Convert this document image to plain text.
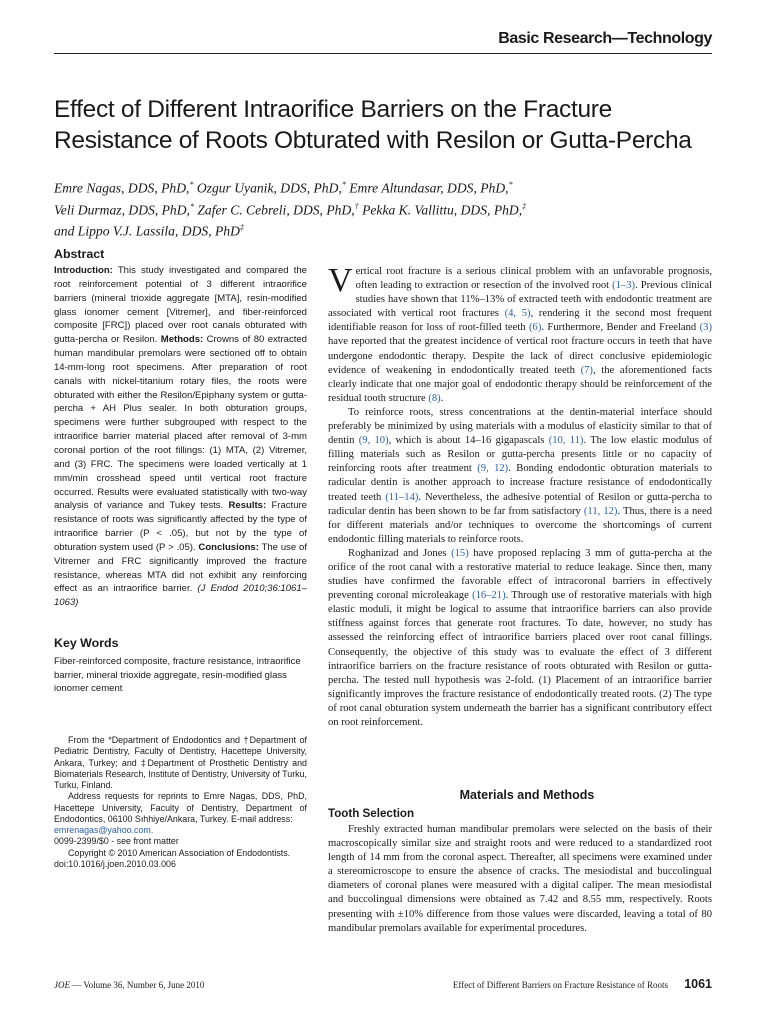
Basic Research—Technology
Effect of Different Intraorifice Barriers on the Fracture Resistance of Roots Obturated with Resilon or Gutta-Percha
Emre Nagas, DDS, PhD,* Ozgur Uyanik, DDS, PhD,* Emre Altundasar, DDS, PhD,*
Veli Durmaz, DDS, PhD,* Zafer C. Cebreli, DDS, PhD,† Pekka K. Vallittu, DDS, PhD,‡
and Lippo V.J. Lassila, DDS, PhD‡
Abstract
Introduction: This study investigated and compared the root reinforcement potential of 3 different intraorifice barriers (mineral trioxide aggregate [MTA], resin-modified glass ionomer cement [Vitremer], and fiber-reinforced composite [FRC]) placed over root canals obturated with gutta-percha or Resilon. Methods: Crowns of 80 extracted human mandibular premolars were sectioned off to obtain 14-mm-long root specimens. After preparation of root canals with nickel-titanium rotary files, the roots were obturated with either the Resilon/Epiphany system or gutta-percha + AH Plus sealer. In both obturation groups, specimens were further subgrouped with respect to the intraorifice barrier material placed after removal of 3-mm coronal portion of the root fillings: (1) MTA, (2) Vitremer, and (3) FRC. The specimens were loaded vertically at 1 mm/min crosshead speed until vertical root fracture occurred. Results were evaluated statistically with two-way analysis of variance and Tukey tests. Results: Fracture resistance of roots was significantly affected by the type of intraorifice barrier (P < .05), but not by the type of obturation system used (P > .05). Conclusions: The use of Vitremer and FRC significantly improved the fracture resistance, whereas MTA did not exhibit any reinforcing effect as an intraorifice barrier. (J Endod 2010;36:1061–1063)
Key Words
Fiber-reinforced composite, fracture resistance, intraorifice barrier, mineral trioxide aggregate, resin-modified glass ionomer cement

From the *Department of Endodontics and †Department of Pediatric Dentistry, Faculty of Dentistry, Hacettepe University, Ankara, Turkey; and ‡Department of Prosthetic Dentistry and Biomaterials Research, Institute of Dentistry, University of Turku, Turku, Finland.

Address requests for reprints to Emre Nagas, DDS, PhD, Hacettepe University, Faculty of Dentistry, Department of Endodontics, 06100 Sıhhiye/Ankara, Turkey. E-mail address:

emrenagas@yahoo.com.

0099-2399/$0 - see front matter

Copyright © 2010 American Association of Endodontists.

doi:10.1016/j.joen.2010.03.006

Vertical root fracture is a serious clinical problem with an unfavorable prognosis, often leading to extraction or resection of the involved root (1–3). Previous clinical studies have shown that 11%–13% of extracted teeth with endodontic treatment are associated with vertical root fractures (4, 5), rendering it the second most frequent identifiable reason for loss of root-filled teeth (6). Furthermore, Bender and Freeland (3) have reported that the greatest incidence of vertical root fracture occurs in teeth that have undergone endodontic therapy. Despite the lack of direct conclusive epidemiologic evidence of weakening in endodontically treated teeth (7), the aforementioned facts clearly indicate that one major goal of endodontic therapy should be reinforcement of the residual tooth structure (8).

To reinforce roots, stress concentrations at the dentin-material interface should preferably be minimized by using materials with a modulus of elasticity similar to that of dentin (9, 10), which is about 14–16 gigapascals (10, 11). The low elastic modulus of filling materials such as Resilon or gutta-percha presents little or no capacity of reinforcing roots after treatment (9, 12). Bonding endodontic obturation materials to radicular dentin is another approach to increase fracture resistance of endodontically treated teeth (11–14). Nevertheless, the adhesive potential of Resilon or gutta-percha to radicular dentin has been shown to be far from satisfactory (11, 12). Thus, there is a need for different materials and/or techniques to overcome the shortcomings of current endodontic filling materials to reinforce roots.

Roghanizad and Jones (15) have proposed replacing 3 mm of gutta-percha at the orifice of the root canal with a restorative material to reduce leakage. Since then, many studies have confirmed the favorable effect of intracoronal barriers in effectively preventing coronal microleakage (16–21). Through use of restorative materials with high elastic moduli, it might be logical to assume that intraorifice barriers can also provide stiffness against forces that generate root fractures. To date, however, no study has assessed the reinforcing effect of intraorifice barriers placed over root canal fillings. Consequently, the objective of this study was to evaluate the effect of 3 different intraorifice barriers on the fracture resistance of roots obturated with Resilon or gutta-percha. The tested null hypothesis was 2-fold. (1) Placement of an intraorifice barrier significantly improves the fracture resistance of endodontically treated roots. (2) The type of root canal obturation system underneath the barrier has a significant contributory effect on root reinforcement.

Materials and Methods
Tooth Selection

Freshly extracted human mandibular premolars were selected on the basis of their macroscopically similar size and straight roots and were reduced to a standardized root length of 14 mm from the coronal aspect. Thereafter, all specimens were examined under a stereomicroscope to ensure the absence of cracks. The mesiodistal and buccolingual diameters of coronal planes were measured with a digital caliper. The mean mesiodistal and buccolingual dimensions were obtained as 7.42 and 8.55 mm, respectively. Roots presenting with ±10% difference from those values were discarded, leaving a total of 80 mandibular premolars available for experimental procedures.

JOE — Volume 36, Number 6, June 2010	Effect of Different Barriers on Fracture Resistance of Roots	1061
